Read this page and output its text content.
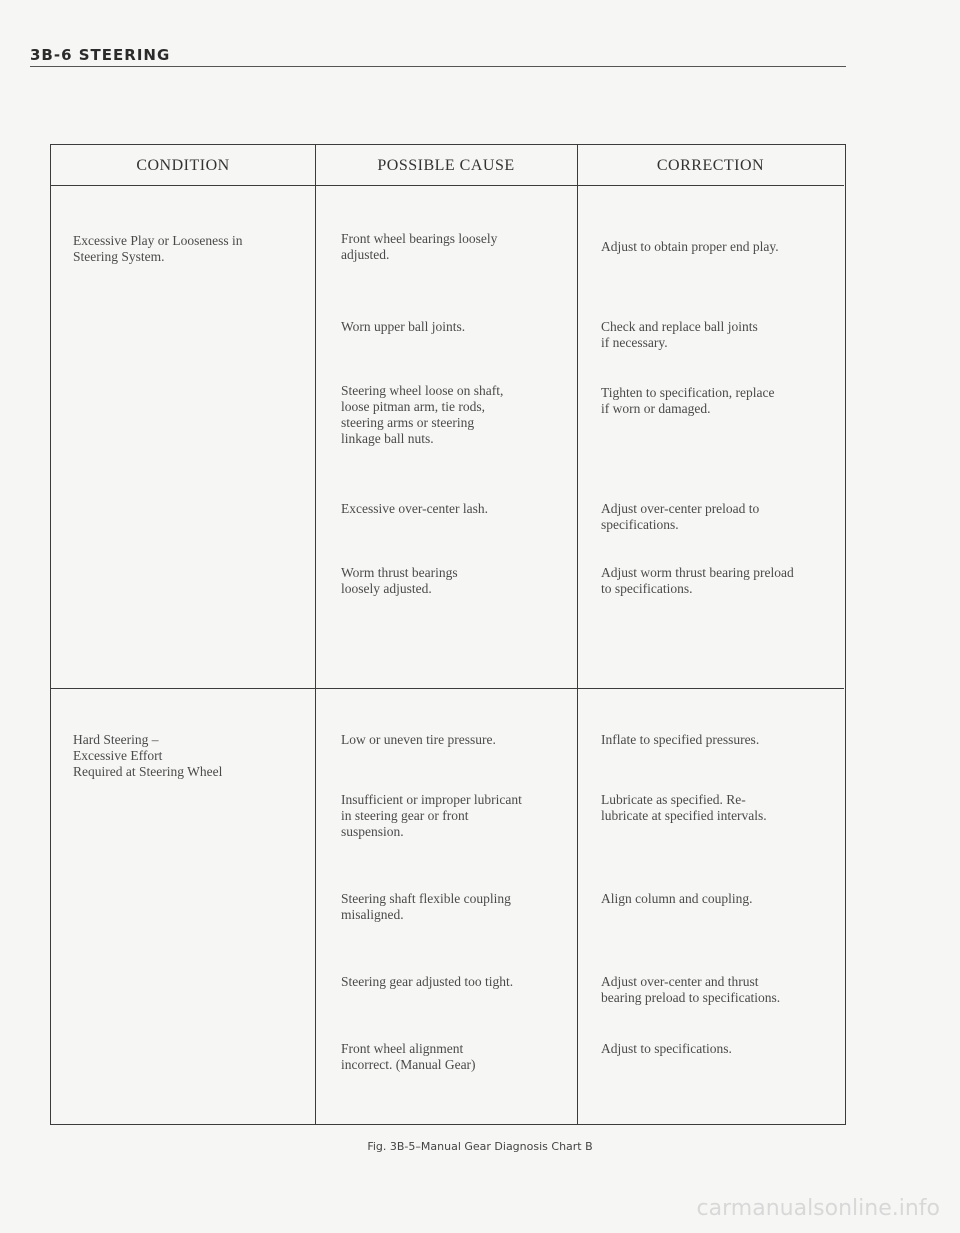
3B-6 STEERING
CONDITION	POSSIBLE CAUSE	CORRECTION
Excessive Play or Looseness in
Steering System.
Hard Steering –
Excessive Effort
Required at Steering Wheel
Front wheel bearings loosely
adjusted.
Worn upper ball joints.
Steering wheel loose on shaft,
loose pitman arm, tie rods,
steering arms or steering
linkage ball nuts.
Excessive over-center lash.
Worm thrust bearings
loosely adjusted.
Low or uneven tire pressure.
Insufficient or improper lubricant
in steering gear or front
suspension.
Steering shaft flexible coupling
misaligned.
Steering gear adjusted too tight.
Front wheel alignment
incorrect. (Manual Gear)
Adjust to obtain proper end play.
Check and replace ball joints
if necessary.
Tighten to specification, replace
if worn or damaged.
Adjust over-center preload to
specifications.
Adjust worm thrust bearing preload
to specifications.
Inflate to specified pressures.
Lubricate as specified. Re-
lubricate at specified intervals.
Align column and coupling.
Adjust over-center and thrust
bearing preload to specifications.
Adjust to specifications.
Fig. 3B-5–Manual Gear Diagnosis Chart B
carmanualsonline.info
